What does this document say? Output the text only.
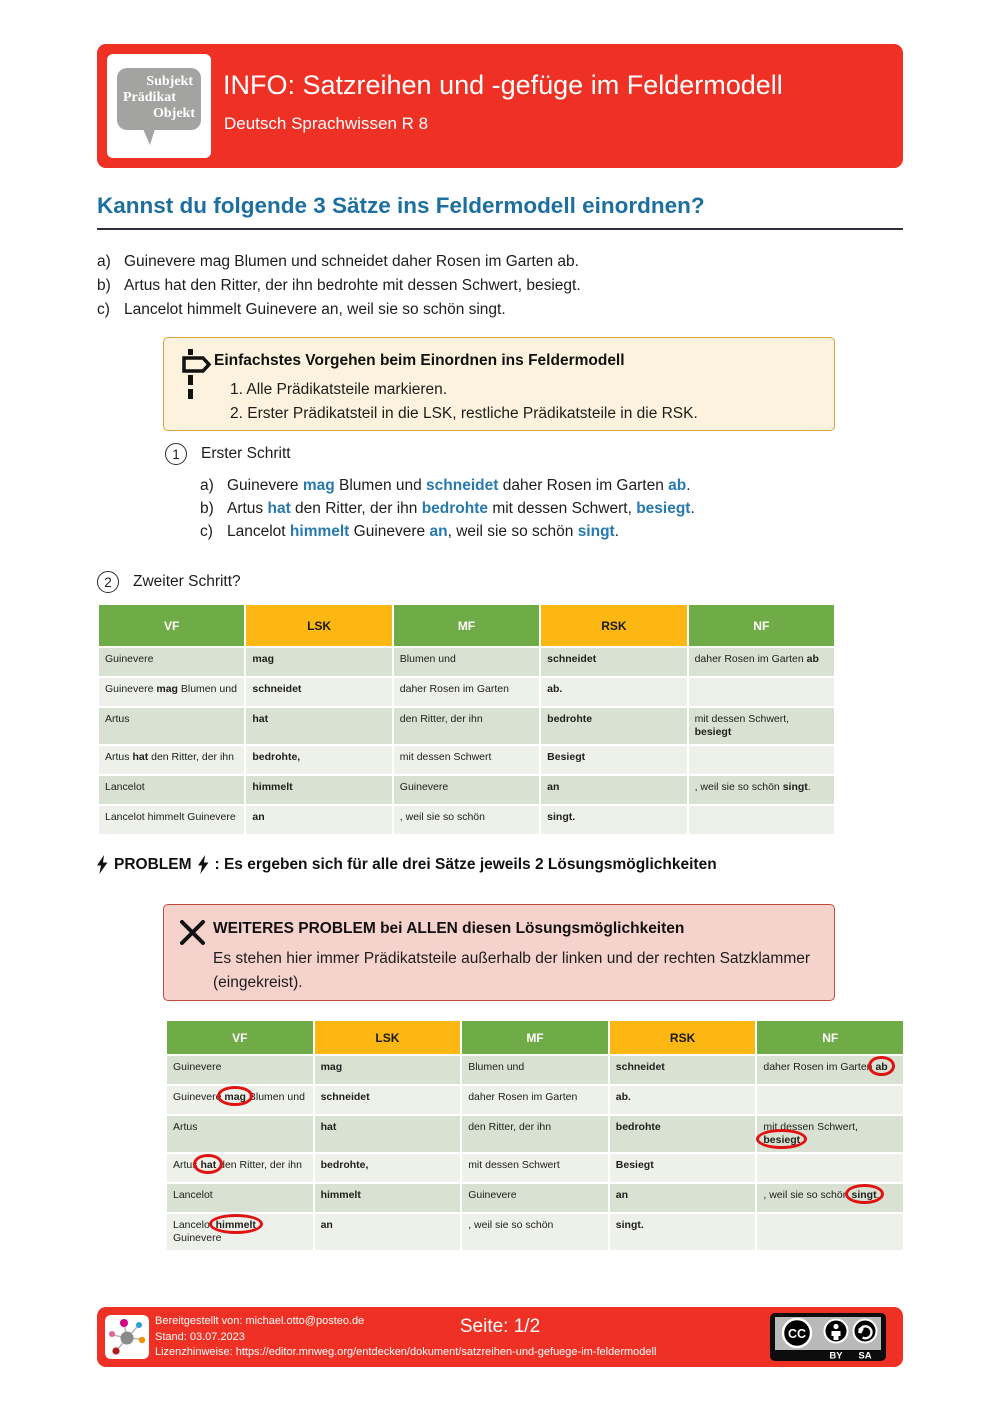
Subjekt
Prädikat
Objekt
INFO: Satzreihen und -gefüge im Feldermodell
Deutsch Sprachwissen R 8
Kannst du folgende 3 Sätze ins Feldermodell einordnen?
a) Guinevere mag Blumen und schneidet daher Rosen im Garten ab.
b) Artus hat den Ritter, der ihn bedrohte mit dessen Schwert, besiegt.
c) Lancelot himmelt Guinevere an, weil sie so schön singt.
Einfachstes Vorgehen beim Einordnen ins Feldermodell
1. Alle Prädikatsteile markieren.
2. Erster Prädikatsteil in die LSK, restliche Prädikatsteile in die RSK.
1	Erster Schritt
a) Guinevere mag Blumen und schneidet daher Rosen im Garten ab.
b) Artus hat den Ritter, der ihn bedrohte mit dessen Schwert, besiegt.
c) Lancelot himmelt Guinevere an, weil sie so schön singt.
2	Zweiter Schritt?
VF	LSK	MF	RSK	NF
Guinevere	mag	Blumen und	schneidet	daher Rosen im Garten ab
Guinevere mag Blumen und	schneidet	daher Rosen im Garten	ab.	
Artus	hat	den Ritter, der ihn	bedrohte	mit dessen Schwert, besiegt
Artus hat den Ritter, der ihn	bedrohte,	mit dessen Schwert	Besiegt	
Lancelot	himmelt	Guinevere	an	, weil sie so schön singt.
Lancelot himmelt Guinevere	an	, weil sie so schön	singt.	
PROBLEM : Es ergeben sich für alle drei Sätze jeweils 2 Lösungsmöglichkeiten
WEITERES PROBLEM bei ALLEN diesen Lösungsmöglichkeiten
Es stehen hier immer Prädikatsteile außerhalb der linken und der rechten Satzklammer (eingekreist).
VF	LSK	MF	RSK	NF
Guinevere	mag	Blumen und	schneidet	daher Rosen im Garten ab
Guinevere mag Blumen und	schneidet	daher Rosen im Garten	ab.	
Artus	hat	den Ritter, der ihn	bedrohte	mit dessen Schwert, besiegt
Artus hat den Ritter, der ihn	bedrohte,	mit dessen Schwert	Besiegt	
Lancelot	himmelt	Guinevere	an	, weil sie so schön singt.
Lancelot himmelt Guinevere	an	, weil sie so schön	singt.	
Bereitgestellt von: michael.otto@posteo.de
Stand: 03.07.2023
Lizenzhinweise: https://editor.mnweg.org/entdecken/dokument/satzreihen-und-gefuege-im-feldermodell
Seite: 1/2	CC
BY SA
